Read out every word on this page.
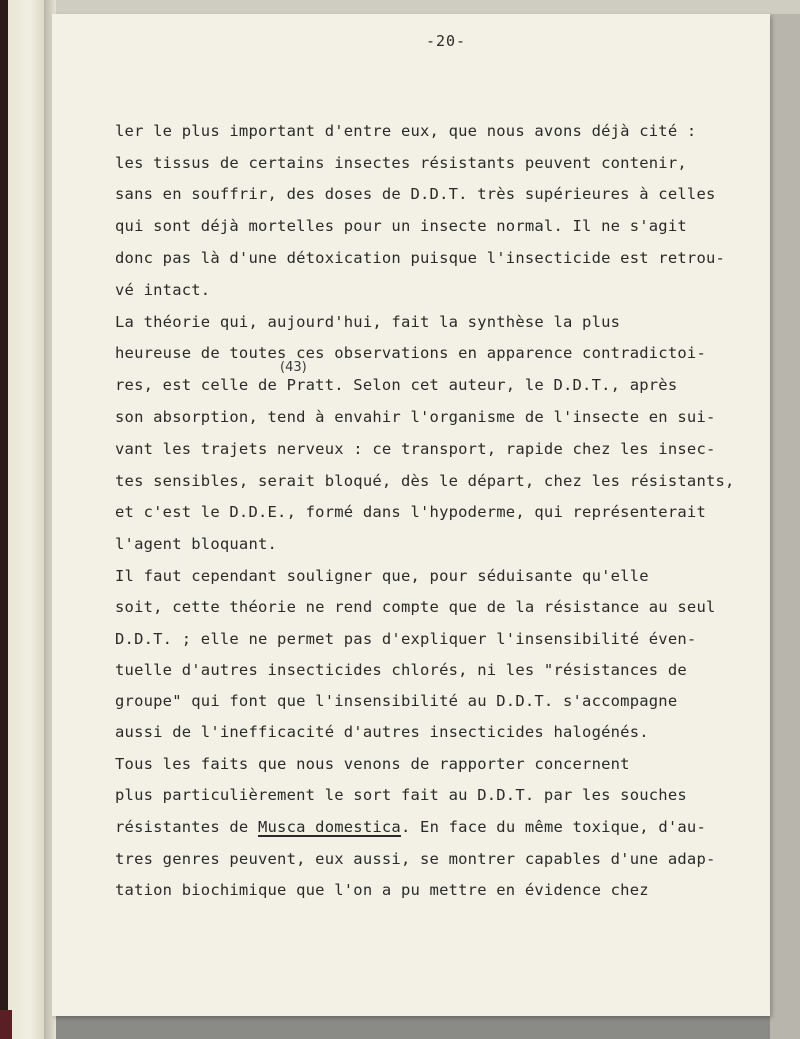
-20-
ler le plus important d'entre eux, que nous avons déjà cité :
les tissus de certains insectes résistants peuvent contenir,
sans en souffrir, des doses de D.D.T. très supérieures à celles
qui sont déjà mortelles pour un insecte normal. Il ne s'agit
donc pas là d'une détoxication puisque l'insecticide est retrou-
vé intact.
La théorie qui, aujourd'hui, fait la synthèse la plus
heureuse de toutes ces observations en apparence contradictoi-
res, est celle de Pratt. Selon cet auteur, le D.D.T., après
(43)
son absorption, tend à envahir l'organisme de l'insecte en sui-
vant les trajets nerveux : ce transport, rapide chez les insec-
tes sensibles, serait bloqué, dès le départ, chez les résistants,
et c'est le D.D.E., formé dans l'hypoderme, qui représenterait
l'agent bloquant.
Il faut cependant souligner que, pour séduisante qu'elle
soit, cette théorie ne rend compte que de la résistance au seul
D.D.T. ; elle ne permet pas d'expliquer l'insensibilité éven-
tuelle d'autres insecticides chlorés, ni les "résistances de
groupe" qui font que l'insensibilité au D.D.T. s'accompagne
aussi de l'inefficacité d'autres insecticides halogénés.
Tous les faits que nous venons de rapporter concernent
plus particulièrement le sort fait au D.D.T. par les souches
résistantes de Musca domestica. En face du même toxique, d'au-
tres genres peuvent, eux aussi, se montrer capables d'une adap-
tation biochimique que l'on a pu mettre en évidence chez
